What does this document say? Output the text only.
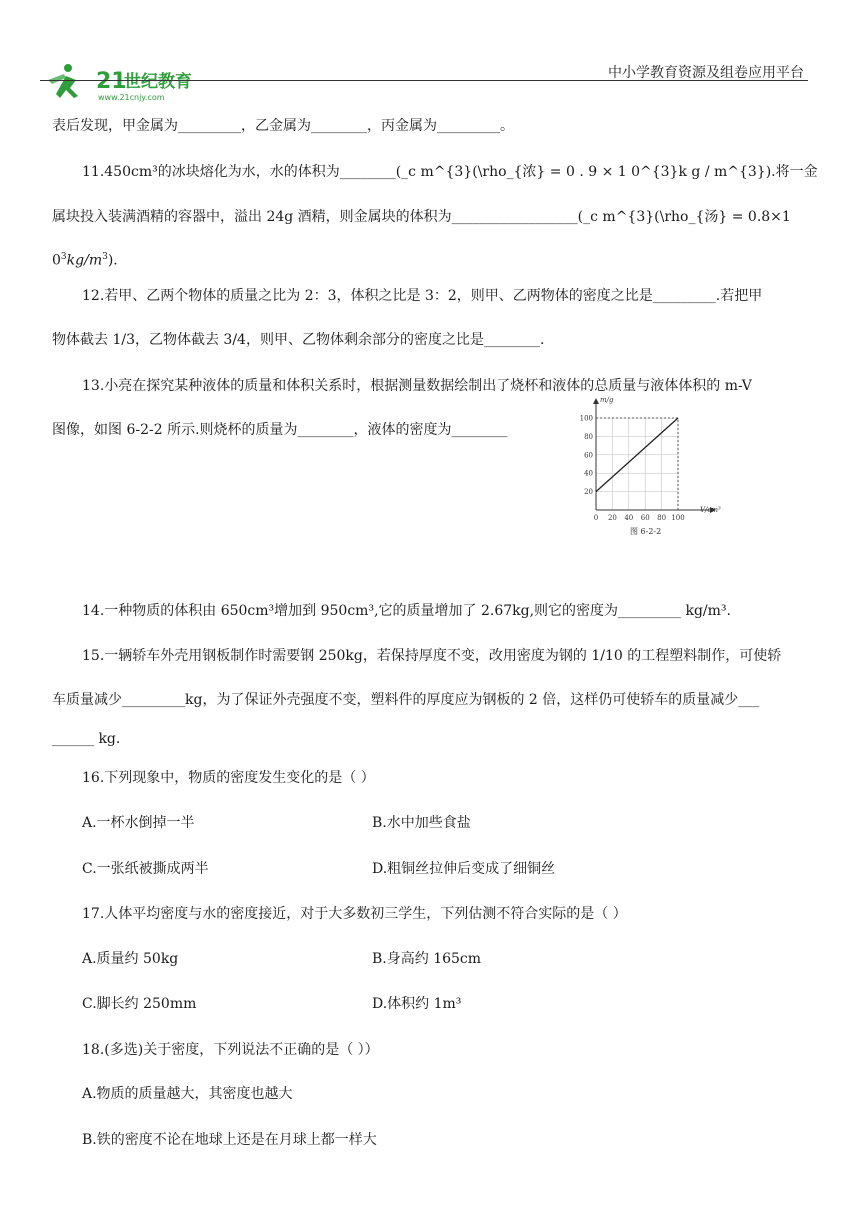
21
世纪教育
www.21cnjy.com
中小学教育资源及组卷应用平台
表后发现，甲金属为_________，乙金属为________，丙金属为_________。
11.450cm³的冰块熔化为水，水的体积为________(_c m^{3}(\rho_{浓} = 0 . 9 × 1 0^{3}k g / m^{3}).将一金
属块投入装满酒精的容器中，溢出 24g 酒精，则金属块的体积为__________________(_c m^{3}(\rho_{汤} = 0.8×1
$0^3kg/m^3$).
12.若甲、乙两个物体的质量之比为 2：3，体积之比是 3：2，则甲、乙两物体的密度之比是_________.若把甲
物体截去 1/3，乙物体截去 3/4，则甲、乙物体剩余部分的密度之比是________.
13.小亮在探究某种液体的质量和体积关系时，根据测量数据绘制出了烧杯和液体的总质量与液体体积的 m-V
图像，如图 6-2-2 所示.则烧杯的质量为________，液体的密度为________
m/g
V/cm³
20
40
60
80
100
0 20 40 60 80 100
图 6-2-2
14.一种物质的体积由 650cm³增加到 950cm³,它的质量增加了 2.67kg,则它的密度为_________ kg/m³.
15.一辆轿车外壳用钢板制作时需要钢 250kg，若保持厚度不变，改用密度为钢的 1/10 的工程塑料制作，可使轿
车质量减少_________kg，为了保证外壳强度不变，塑料件的厚度应为钢板的 2 倍，这样仍可使轿车的质量减少___
______ kg.
16.下列现象中，物质的密度发生变化的是（ ）
A.一杯水倒掉一半	B.水中加些食盐
C.一张纸被撕成两半	D.粗铜丝拉伸后变成了细铜丝
17.人体平均密度与水的密度接近，对于大多数初三学生，下列估测不符合实际的是（ ）
A.质量约 50kg	B.身高约 165cm
C.脚长约 250mm	D.体积约 1m³
18.(多选)关于密度，下列说法不正确的是（ ））
A.物质的质量越大，其密度也越大
B.铁的密度不论在地球上还是在月球上都一样大
